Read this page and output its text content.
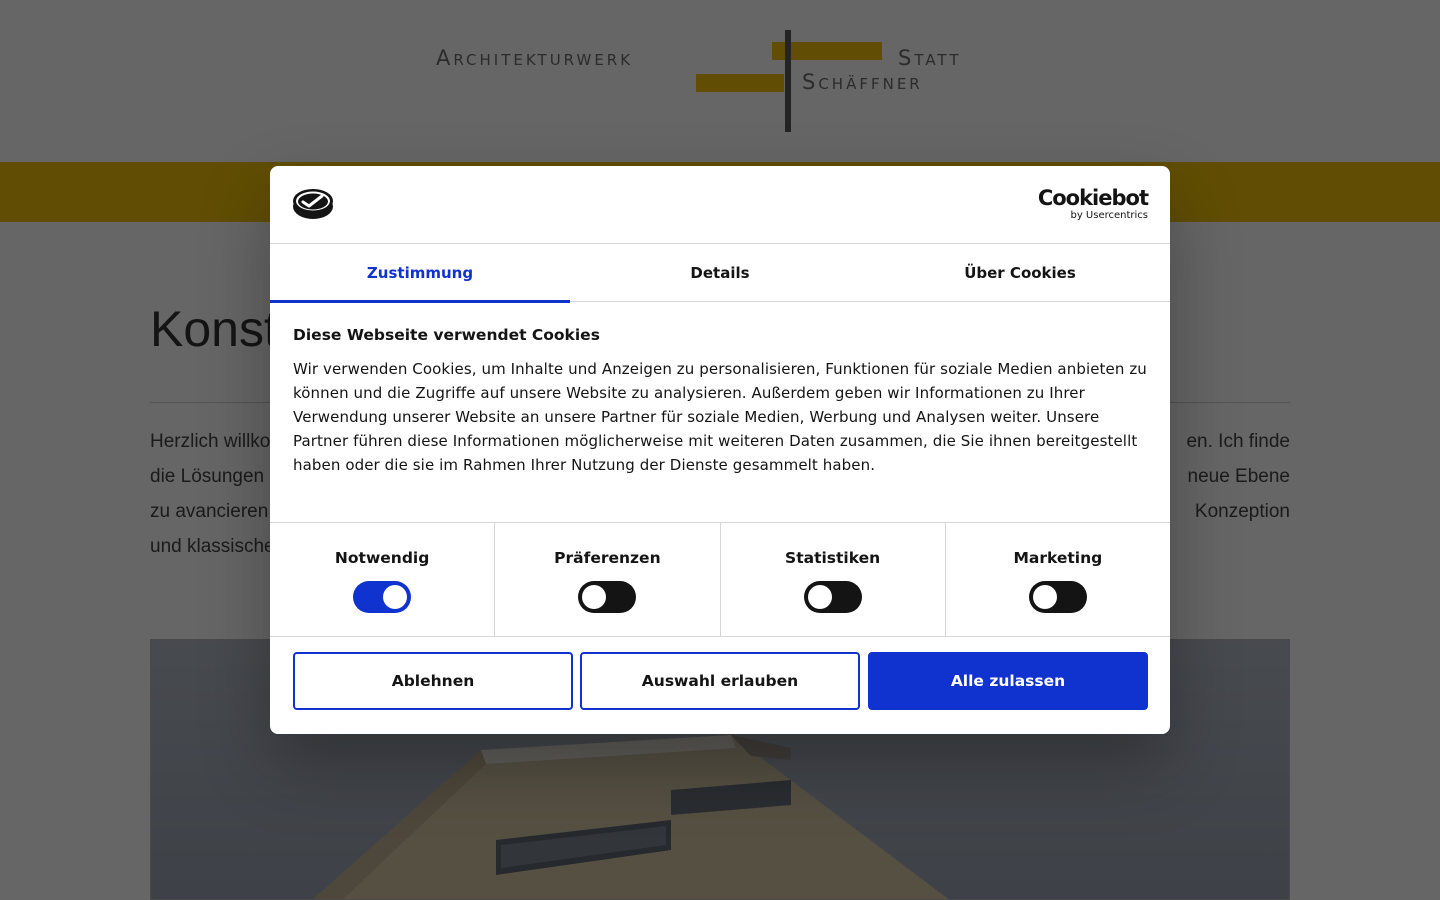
Cookiebot
by Usercentrics
Zustimmung	Details	Über Cookies
Diese Webseite verwendet Cookies

Wir verwenden Cookies, um Inhalte und Anzeigen zu personalisieren, Funktionen für soziale Medien anbieten zu können und die Zugriffe auf unsere Website zu analysieren. Außerdem geben wir Informationen zu Ihrer Verwendung unserer Website an unsere Partner für soziale Medien, Werbung und Analysen weiter. Unsere Partner führen diese Informationen möglicherweise mit weiteren Daten zusammen, die Sie ihnen bereitgestellt haben oder die sie im Rahmen Ihrer Nutzung der Dienste gesammelt haben.

Notwendig	Präferenzen	Statistiken	Marketing
Ablehnen	Auswahl erlauben	Alle zulassen
